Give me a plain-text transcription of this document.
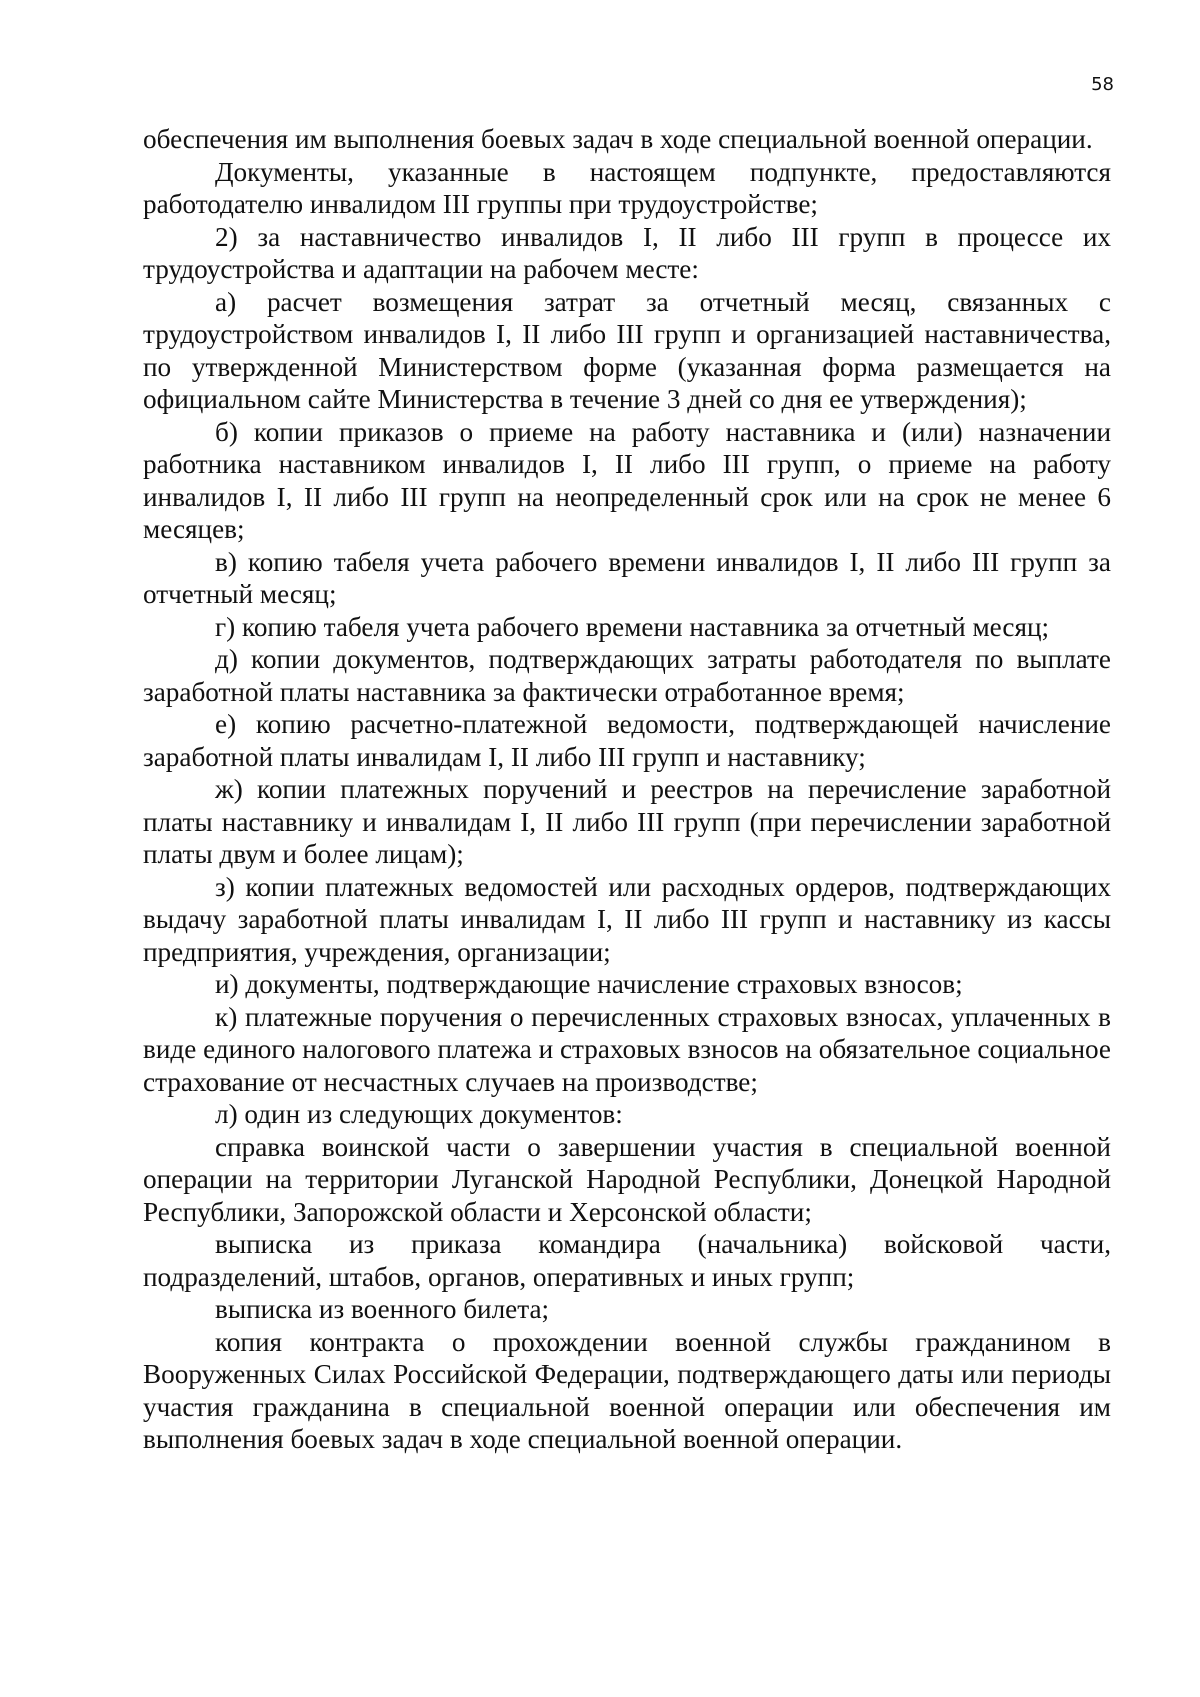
58

обеспечения им выполнения боевых задач в ходе специальной военной операции.

Документы, указанные в настоящем подпункте, предоставляются работодателю инвалидом III группы при трудоустройстве;

2) за наставничество инвалидов I, II либо III групп в процессе их трудоустройства и адаптации на рабочем месте:

а) расчет возмещения затрат за отчетный месяц, связанных с трудоустройством инвалидов I, II либо III групп и организацией наставничества, по утвержденной Министерством форме (указанная форма размещается на официальном сайте Министерства в течение 3 дней со дня ее утверждения);

б) копии приказов о приеме на работу наставника и (или) назначении работника наставником инвалидов I, II либо III групп, о приеме на работу инвалидов I, II либо III групп на неопределенный срок или на срок не менее 6 месяцев;

в) копию табеля учета рабочего времени инвалидов I, II либо III групп за отчетный месяц;

г) копию табеля учета рабочего времени наставника за отчетный месяц;

д) копии документов, подтверждающих затраты работодателя по выплате заработной платы наставника за фактически отработанное время;

е) копию расчетно-платежной ведомости, подтверждающей начисление заработной платы инвалидам I, II либо III групп и наставнику;

ж) копии платежных поручений и реестров на перечисление заработной платы наставнику и инвалидам I, II либо III групп (при перечислении заработной платы двум и более лицам);

з) копии платежных ведомостей или расходных ордеров, подтверждающих выдачу заработной платы инвалидам I, II либо III групп и наставнику из кассы предприятия, учреждения, организации;

и) документы, подтверждающие начисление страховых взносов;

к) платежные поручения о перечисленных страховых взносах, уплаченных в виде единого налогового платежа и страховых взносов на обязательное социальное страхование от несчастных случаев на производстве;

л) один из следующих документов:

справка воинской части о завершении участия в специальной военной операции на территории Луганской Народной Республики, Донецкой Народной Республики, Запорожской области и Херсонской области;

выписка из приказа командира (начальника) войсковой части, подразделений, штабов, органов, оперативных и иных групп;

выписка из военного билета;

копия контракта о прохождении военной службы гражданином в Вооруженных Силах Российской Федерации, подтверждающего даты или периоды участия гражданина в специальной военной операции или обеспечения им выполнения боевых задач в ходе специальной военной операции.
